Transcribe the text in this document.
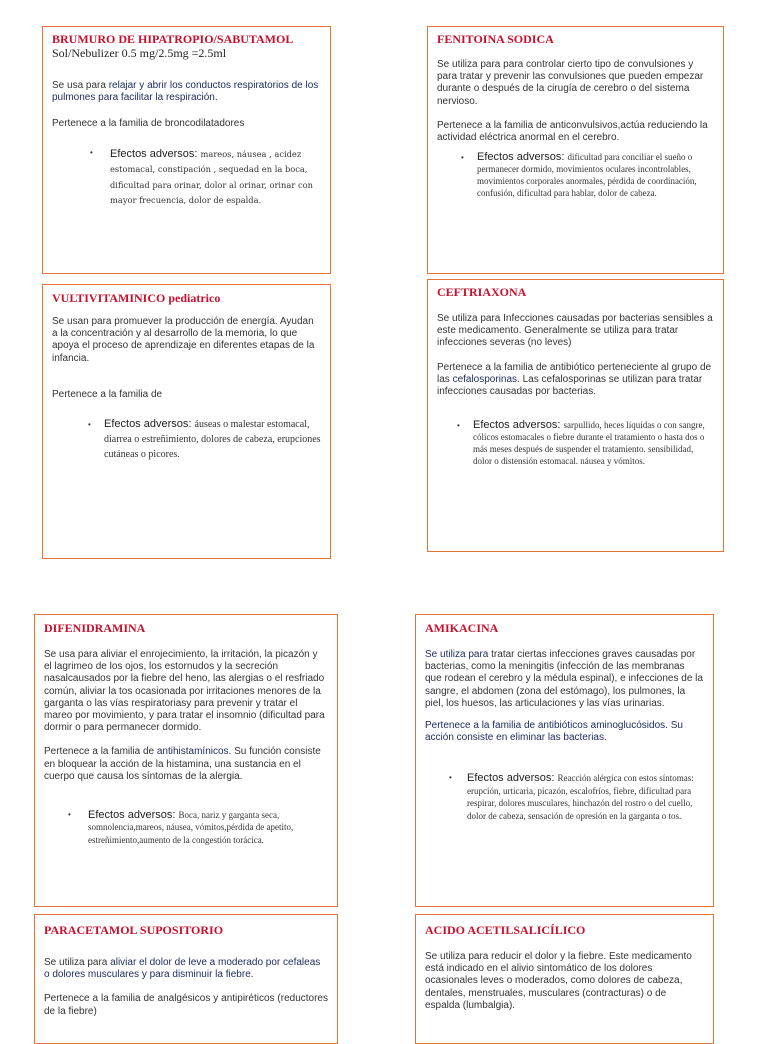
BRUMURO DE HIPATROPIO/SABUTAMOL
Sol/Nebulizer 0.5 mg/2.5mg =2.5ml

Se usa para relajar y abrir los conductos respiratorios de los pulmones para facilitar la respiración.

Pertenece a la familia de broncodilatadores

• Efectos adversos: mareos, náusea , acidez estomacal, constipación , sequedad en la boca, dificultad para orinar, dolor al orinar, orinar con mayor frecuencia, dolor de espalda.
FENITOINA SODICA

Se utiliza para para controlar cierto tipo de convulsiones y para tratar y prevenir las convulsiones que pueden empezar durante o después de la cirugía de cerebro o del sistema nervioso.

Pertenece a la familia de anticonvulsivos,actúa reduciendo la actividad eléctrica anormal en el cerebro.

• Efectos adversos: dificultad para conciliar el sueño o permanecer dormido, movimientos oculares incontrolables, movimientos corporales anormales, pérdida de coordinación, confusión, dificultad para hablar, dolor de cabeza.
VULTIVITAMINICO pediatrico

Se usan para promuever la producción de energía. Ayudan a la concentración y al desarrollo de la memoria, lo que apoya el proceso de aprendizaje en diferentes etapas de la infancia.

Pertenece a la familia de

• Efectos adversos: áuseas o malestar estomacal, diarrea o estreñimiento, dolores de cabeza, erupciones cutáneas o picores.
CEFTRIAXONA

Se utiliza para Infecciones causadas por bacterias sensibles a este medicamento. Generalmente se utiliza para tratar infecciones severas (no leves)

Pertenece a la familia de antibiótico perteneciente al grupo de las cefalosporinas. Las cefalosporinas se utilizan para tratar infecciones causadas por bacterias.

• Efectos adversos: sarpullido, heces líquidas o con sangre, cólicos estomacales o fiebre durante el tratamiento o hasta dos o más meses después de suspender el tratamiento. sensibilidad, dolor o distensión estomacal. náusea y vómitos.
DIFENIDRAMINA

Se usa para aliviar el enrojecimiento, la irritación, la picazón y el lagrimeo de los ojos, los estornudos y la secreción nasalcausados por la fiebre del heno, las alergias o el resfriado común, aliviar la tos ocasionada por irritaciones menores de la garganta o las vías respiratoriasy para prevenir y tratar el mareo por movimiento, y para tratar el insomnio (dificultad para dormir o para permanecer dormido.

Pertenece a la familia de antihistamínicos. Su función consiste en bloquear la acción de la histamina, una sustancia en el cuerpo que causa los síntomas de la alergia.

• Efectos adversos: Boca, nariz y garganta seca, somnolencia,mareos, náusea, vómitos,pérdida de apetito, estreñimiento,aumento de la congestión torácica.
AMIKACINA

Se utiliza para tratar ciertas infecciones graves causadas por bacterias, como la meningitis (infección de las membranas que rodean el cerebro y la médula espinal), e infecciones de la sangre, el abdomen (zona del estómago), los pulmones, la piel, los huesos, las articulaciones y las vías urinarias.

Pertenece a la familia de antibióticos aminoglucósidos. Su acción consiste en eliminar las bacterias.

• Efectos adversos: Reacción alérgica con estos síntomas: erupción, urticaria, picazón, escalofríos, fiebre, dificultad para respirar, dolores musculares, hinchazón del rostro o del cuello, dolor de cabeza, sensación de opresión en la garganta o tos.
PARACETAMOL SUPOSITORIO

Se utiliza para aliviar el dolor de leve a moderado por cefaleas o dolores musculares y para disminuir la fiebre.

Pertenece a la familia de analgésicos y antipiréticos (reductores de la fiebre)

ACIDO ACETILSALICÍLICO

Se utiliza para reducir el dolor y la fiebre. Este medicamento está indicado en el alivio sintomático de los dolores ocasionales leves o moderados, como dolores de cabeza, dentales, menstruales, musculares (contracturas) o de espalda (lumbalgia).
